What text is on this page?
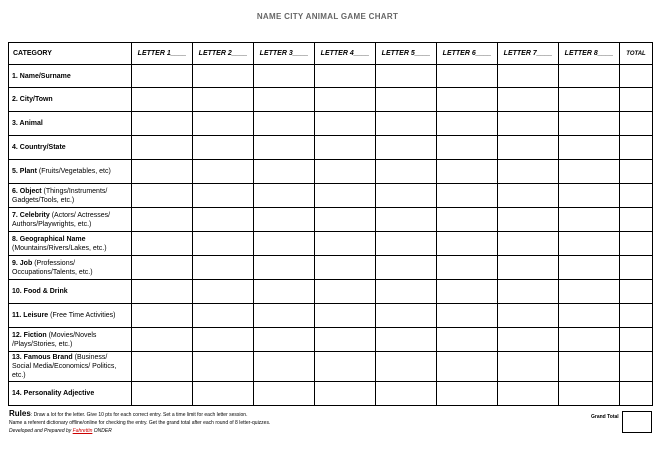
NAME CITY ANIMAL GAME CHART
CATEGORY	LETTER 1____	LETTER 2____	LETTER 3____	LETTER 4____	LETTER 5____	LETTER 6____	LETTER 7____	LETTER 8____	TOTAL
1. Name/Surname									
2. City/Town									
3. Animal									
4. Country/State									
5. Plant (Fruits/Vegetables, etc)									
6. Object (Things/Instruments/ Gadgets/Tools, etc.)									
7. Celebrity (Actors/ Actresses/ Authors/Playwrights, etc.)									
8. Geographical Name (Mountains/Rivers/Lakes, etc.)									
9. Job (Professions/ Occupations/Talents, etc.)									
10. Food & Drink									
11. Leisure (Free Time Activities)									
12. Fiction (Movies/Novels /Plays/Stories, etc.)									
13. Famous Brand (Business/ Social Media/Economics/ Politics, etc.)									
14. Personality Adjective									
Rules: Draw a lot for the letter. Give 10 pts for each correct entry. Set a time limit for each letter session.
Name a referent dictionary offline/online for checking the entry. Get the grand total after each round of 8 letter-quizzes.
Developed and Prepared by Fahrettin ONDER
Grand Total
